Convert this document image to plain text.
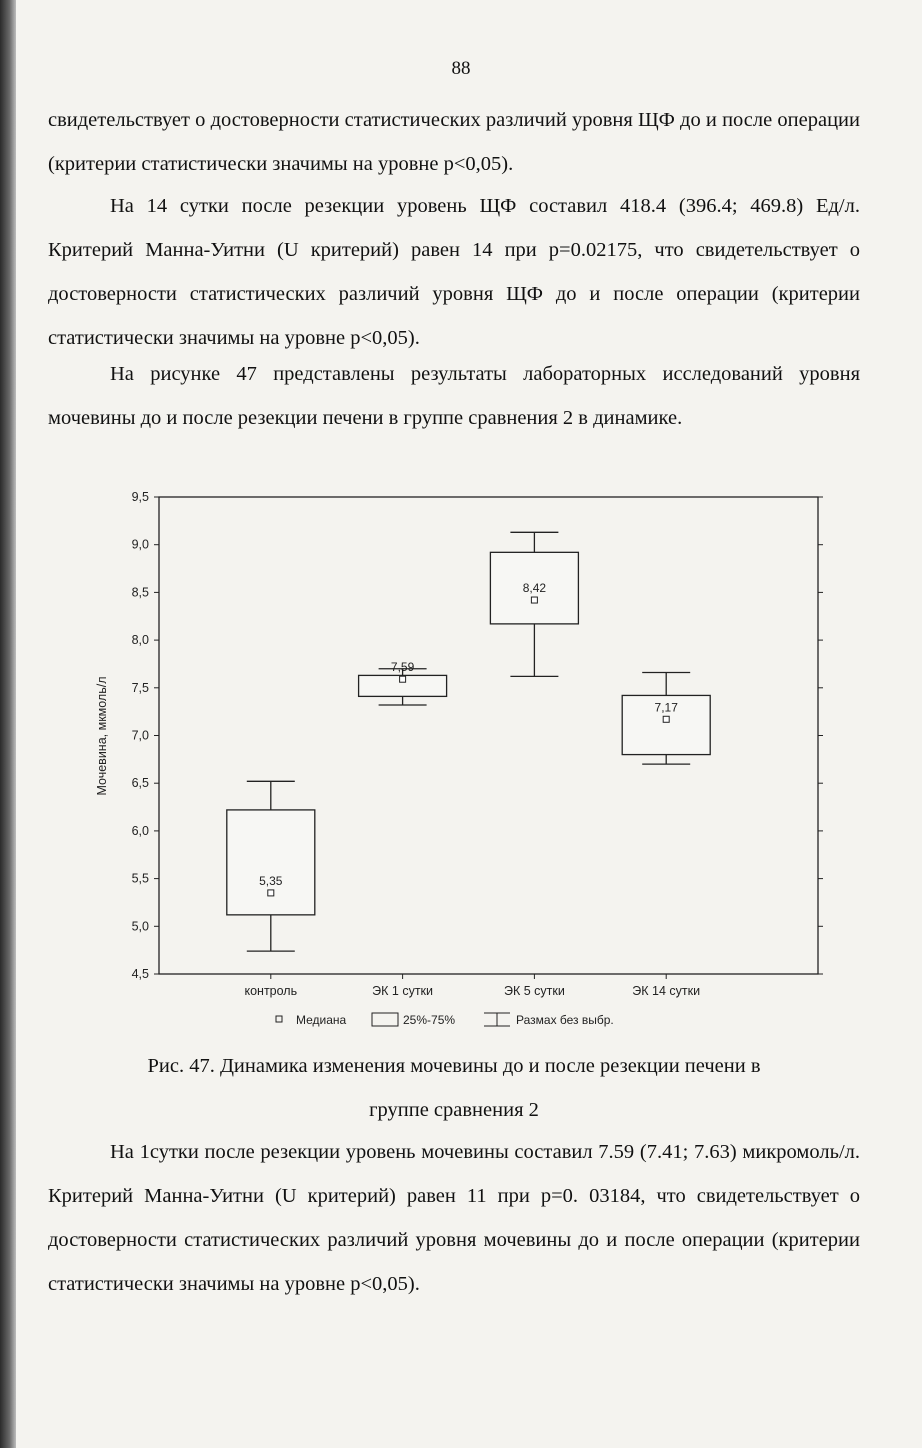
88

свидетельствует о достоверности статистических различий уровня ЩФ до и после операции (критерии статистически значимы на уровне p<0,05).

На 14 сутки после резекции уровень ЩФ составил 418.4 (396.4; 469.8) Ед/л. Критерий Манна-Уитни (U критерий) равен 14 при p=0.02175, что свидетельствует о достоверности статистических различий уровня ЩФ до и после операции (критерии статистически значимы на уровне p<0,05).

На рисунке 47 представлены результаты лабораторных исследований уровня мочевины до и после резекции печени в группе сравнения 2 в динамике.

Мочевина, мкмоль/л
4,5
5,0
5,5
6,0
6,5
7,0
7,5
8,0
8,5
9,0
9,5
5,35
7,59
8,42
7,17
контроль	ЭК 1 сутки	ЭК 5 сутки	ЭК 14 сутки
Медиана	25%-75%	Размах без выбр.

Рис. 47. Динамика изменения мочевины до и после резекции печени в

группе сравнения 2

На 1сутки после резекции уровень мочевины составил 7.59 (7.41; 7.63) микромоль/л. Критерий Манна-Уитни (U критерий) равен 11 при p=0. 03184, что свидетельствует о достоверности статистических различий уровня мочевины до и после операции (критерии статистически значимы на уровне p<0,05).
